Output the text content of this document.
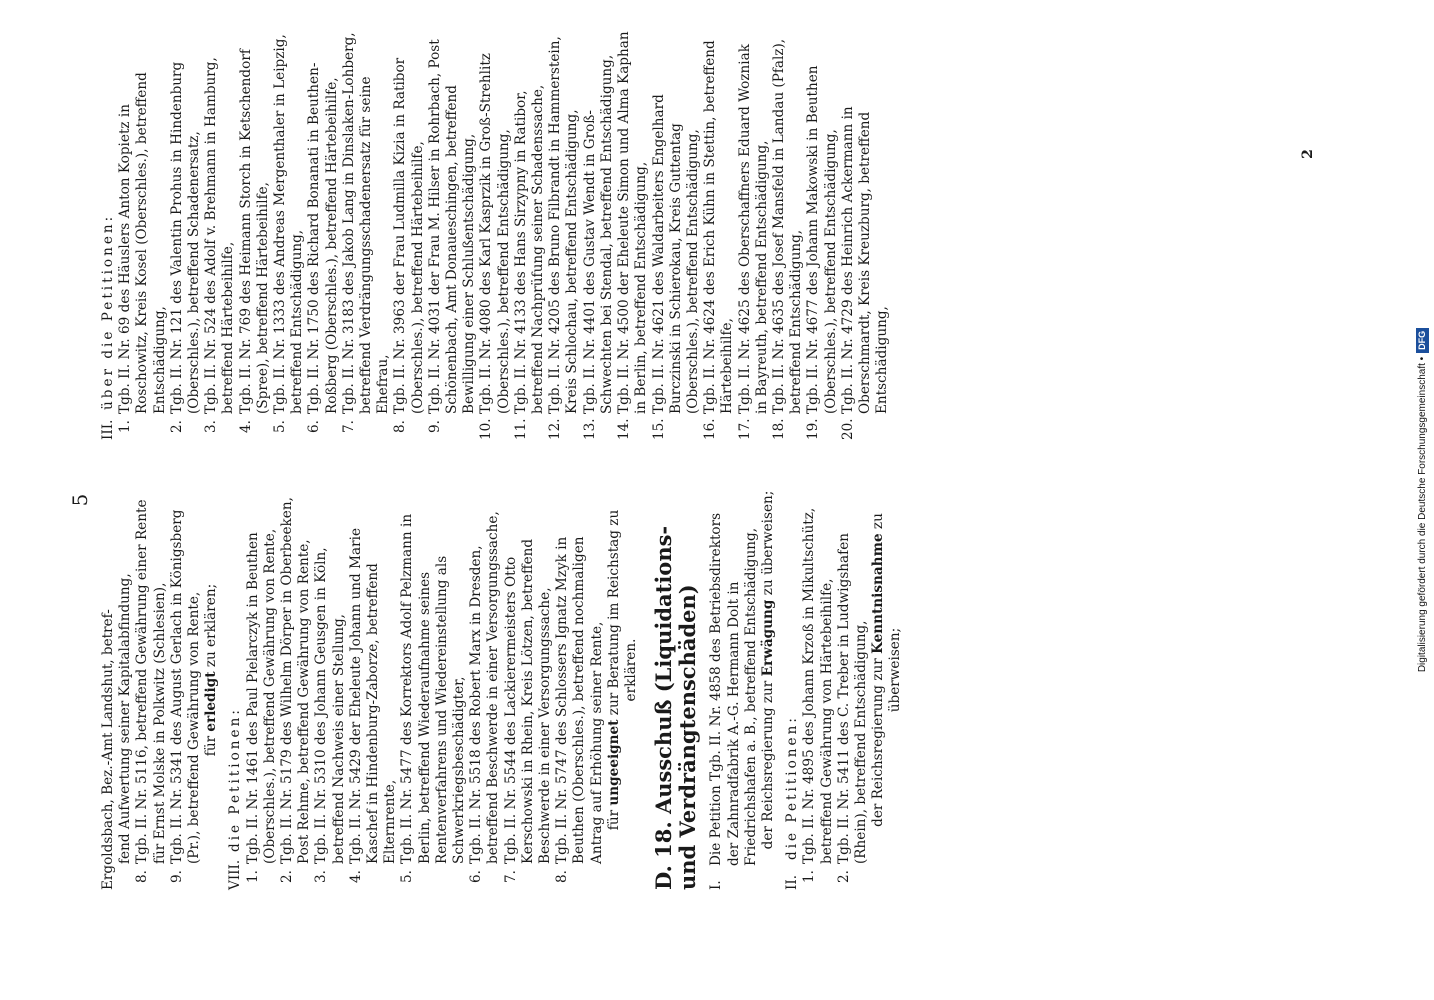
5
Ergoldsbach, Bez.-Amt Landshut, betref- fend Aufwertung seiner Kapitalabfindung,
8.
Tgb. II. Nr. 5116, betreffend Gewährung einer Rente für Ernst Molske in Polkwitz (Schlesien),
9.
Tgb. II. Nr. 5341 des August Gerlach in Königsberg (Pr.), betreffend Gewährung von Rente, für erledigt zu erklären;
VIII.
die Petitionen:
1.
Tgb. II. Nr. 1461 des Paul Pielarczyk in Beuthen (Oberschles.), betreffend Gewährung von Rente,
2.
Tgb. II. Nr. 5179 des Wilhelm Dörper in Oberbeeken, Post Rehme, betreffend Gewährung von Rente,
3.
Tgb. II. Nr. 5310 des Johann Geusgen in Köln, betreffend Nachweis einer Stellung,
4.
Tgb. II. Nr. 5429 der Eheleute Johann und Marie Kaschef in Hindenburg-Zaborze, betreffend Elternrente,
5.
Tgb. II. Nr. 5477 des Korrektors Adolf Pelzmann in Berlin, betreffend Wiederaufnahme seines Rentenverfahrens und Wiedereinstellung als Schwerkriegsbeschädigter,
6.
Tgb. II. Nr. 5518 des Robert Marx in Dresden, betreffend Beschwerde in einer Versorgungssache,
7.
Tgb. II. Nr. 5544 des Lackierermeisters Otto Kerschowski in Rhein, Kreis Lötzen, betreffend Beschwerde in einer Versorgungssache,
8.
Tgb. II. Nr. 5747 des Schlossers Ignatz Mzyk in Beuthen (Oberschles.), betreffend nochmaligen Antrag auf Erhöhung seiner Rente, für ungeeignet zur Beratung im Reichstag zu erklären.
D. 18. Ausschuß (Liquidations- und Verdrängtenschäden) I.
Die Petition Tgb. II. Nr. 4858 des Betriebsdirektors der Zahnradfabrik A.-G. Hermann Dolt in Friedrichshafen a. B., betreffend Entschädigung, der Reichsregierung zur Erwägung zu überweisen;
II.
die Petitionen:
1.
Tgb. II. Nr. 4895 des Johann Krzoß in Mikultschütz, betreffend Gewährung von Härtebeihilfe,
2.
Tgb. II. Nr. 5411 des C. Treber in Ludwigshafen (Rhein), betreffend Entschädigung, der Reichsregierung zur Kenntnisnahme zu überweisen;
III.
über die Petitionen:
1.
Tgb. II. Nr. 69 des Häuslers Anton Kopietz in Roschowitz, Kreis Kosel (Oberschles.), betreffend Entschädigung,
2.
Tgb. II. Nr. 121 des Valentin Prohus in Hindenburg (Oberschles.), betreffend Schadenersatz,
3.
Tgb. II. Nr. 524 des Adolf v. Brehmann in Hamburg, betreffend Härtebeihilfe,
4.
Tgb. II. Nr. 769 des Heimann Storch in Ketschendorf (Spree), betreffend Härtebeihilfe,
5.
Tgb. II. Nr. 1333 des Andreas Mergenthaler in Leipzig, betreffend Entschädigung,
6.
Tgb. II. Nr. 1750 des Richard Bonanati in Beuthen-Roßberg (Oberschles.), betreffend Härtebeihilfe,
7.
Tgb. II. Nr. 3183 des Jakob Lang in Dinslaken-Lohberg, betreffend Verdrängungsschadenersatz für seine Ehefrau,
8.
Tgb. II. Nr. 3963 der Frau Ludmilla Kizia in Ratibor (Oberschles.), betreffend Härtebeihilfe,
9.
Tgb. II. Nr. 4031 der Frau M. Hilser in Rohrbach, Post Schönenbach, Amt Donaueschingen, betreffend Bewilligung einer Schlußentschädigung,
10.
Tgb. II. Nr. 4080 des Karl Kasprzik in Groß-Strehlitz (Oberschles.), betreffend Entschädigung,
11.
Tgb. II. Nr. 4133 des Hans Sirzypny in Ratibor, betreffend Nachprüfung seiner Schadenssache,
12.
Tgb. II. Nr. 4205 des Bruno Filbrandt in Hammerstein, Kreis Schlochau, betreffend Entschädigung,
13.
Tgb. II. Nr. 4401 des Gustav Wendt in Groß-Schwechten bei Stendal, betreffend Entschädigung,
14.
Tgb. II. Nr. 4500 der Eheleute Simon und Alma Kaphan in Berlin, betreffend Entschädigung,
15.
Tgb. II. Nr. 4621 des Waldarbeiters Engelhard Burczinski in Schierokau, Kreis Guttentag (Oberschles.), betreffend Entschädigung,
16.
Tgb. II. Nr. 4624 des Erich Kühn in Stettin, betreffend Härtebeihilfe,
17.
Tgb. II. Nr. 4625 des Oberschaffners Eduard Wozniak in Bayreuth, betreffend Entschädigung,
18.
Tgb. II. Nr. 4635 des Josef Mansfeld in Landau (Pfalz), betreffend Entschädigung,
19.
Tgb. II. Nr. 4677 des Johann Makowski in Beuthen (Oberschles.), betreffend Entschädigung,
20.
Tgb. II. Nr. 4729 des Heinrich Ackermann in Oberschmardt, Kreis Kreuzburg, betreffend Entschädigung,
2
Digitalisierung gefördert durch die Deutsche Forschungsgemeinschaft •DFG
